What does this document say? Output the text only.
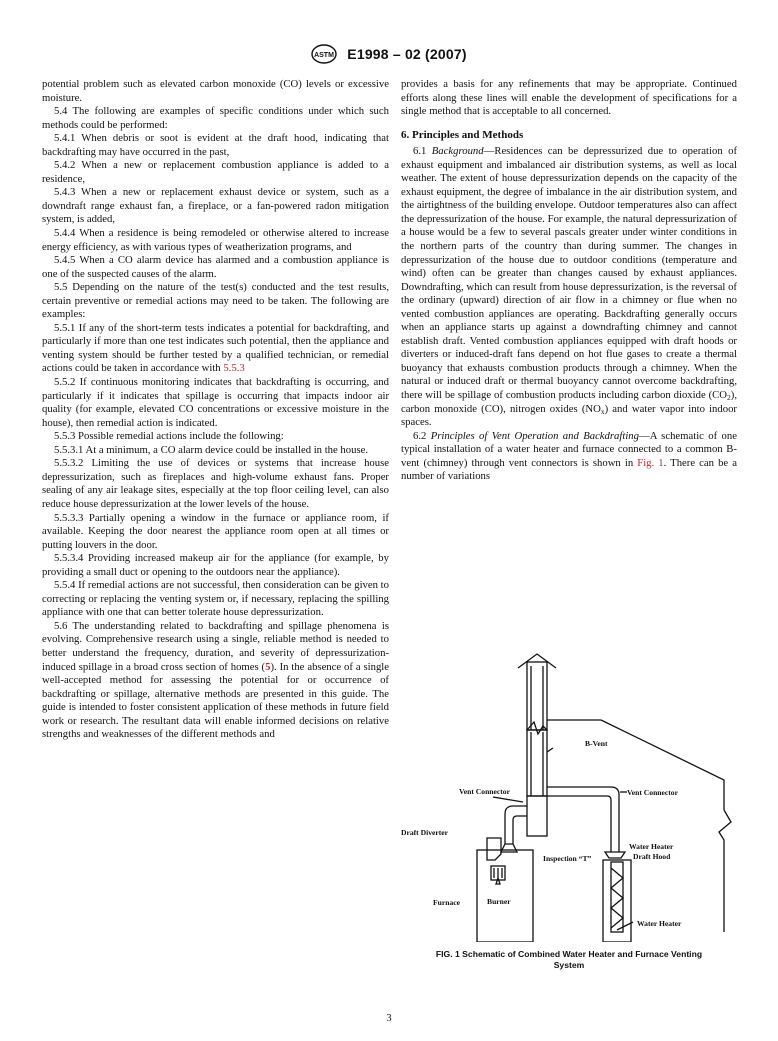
ASTM E1998 – 02 (2007)

potential problem such as elevated carbon monoxide (CO) levels or excessive moisture.

5.4 The following are examples of specific conditions under which such methods could be performed:

5.4.1 When debris or soot is evident at the draft hood, indicating that backdrafting may have occurred in the past,

5.4.2 When a new or replacement combustion appliance is added to a residence,

5.4.3 When a new or replacement exhaust device or system, such as a downdraft range exhaust fan, a fireplace, or a fan-powered radon mitigation system, is added,

5.4.4 When a residence is being remodeled or otherwise altered to increase energy efficiency, as with various types of weatherization programs, and

5.4.5 When a CO alarm device has alarmed and a combustion appliance is one of the suspected causes of the alarm.

5.5 Depending on the nature of the test(s) conducted and the test results, certain preventive or remedial actions may need to be taken. The following are examples:

5.5.1 If any of the short-term tests indicates a potential for backdrafting, and particularly if more than one test indicates such potential, then the appliance and venting system should be further tested by a qualified technician, or remedial actions could be taken in accordance with 5.5.3

5.5.2 If continuous monitoring indicates that backdrafting is occurring, and particularly if it indicates that spillage is occurring that impacts indoor air quality (for example, elevated CO concentrations or excessive moisture in the house), then remedial action is indicated.

5.5.3 Possible remedial actions include the following:

5.5.3.1 At a minimum, a CO alarm device could be installed in the house.

5.5.3.2 Limiting the use of devices or systems that increase house depressurization, such as fireplaces and high-volume exhaust fans. Proper sealing of any air leakage sites, especially at the top floor ceiling level, can also reduce house depressurization at the lower levels of the house.

5.5.3.3 Partially opening a window in the furnace or appliance room, if available. Keeping the door nearest the appliance room open at all times or putting louvers in the door.

5.5.3.4 Providing increased makeup air for the appliance (for example, by providing a small duct or opening to the outdoors near the appliance).

5.5.4 If remedial actions are not successful, then consideration can be given to correcting or replacing the venting system or, if necessary, replacing the spilling appliance with one that can better tolerate house depressurization.

5.6 The understanding related to backdrafting and spillage phenomena is evolving. Comprehensive research using a single, reliable method is needed to better understand the frequency, duration, and severity of depressurization-induced spillage in a broad cross section of homes (5). In the absence of a single well-accepted method for assessing the potential for or occurrence of backdrafting or spillage, alternative methods are presented in this guide. The guide is intended to foster consistent application of these methods in future field work or research. The resultant data will enable informed decisions on relative strengths and weaknesses of the different methods and

provides a basis for any refinements that may be appropriate. Continued efforts along these lines will enable the development of specifications for a single method that is acceptable to all concerned.

6. Principles and Methods

6.1 Background—Residences can be depressurized due to operation of exhaust equipment and imbalanced air distribution systems, as well as local weather. The extent of house depressurization depends on the capacity of the exhaust equipment, the degree of imbalance in the air distribution system, and the airtightness of the building envelope. Outdoor temperatures also can affect the depressurization of the house. For example, the natural depressurization of a house would be a few to several pascals greater under winter conditions in the northern parts of the country than during summer. The changes in depressurization of the house due to outdoor conditions (temperature and wind) often can be greater than changes caused by exhaust appliances. Downdrafting, which can result from house depressurization, is the reversal of the ordinary (upward) direction of air flow in a chimney or flue when no vented combustion appliances are operating. Backdrafting generally occurs when an appliance starts up against a downdrafting chimney and cannot establish draft. Vented combustion appliances equipped with draft hoods or diverters or induced-draft fans depend on hot flue gases to create a thermal buoyancy that exhausts combustion products through a chimney. When the natural or induced draft or thermal buoyancy cannot overcome backdrafting, there will be spillage of combustion products including carbon dioxide $(CO_2)$, carbon monoxide (CO), nitrogen oxides $(NO_x)$ and water vapor into indoor spaces.

6.2 Principles of Vent Operation and Backdrafting—A schematic of one typical installation of a water heater and furnace connected to a common B-vent (chimney) through vent connectors is shown in Fig. 1. There can be a number of variations

B-Vent
Vent Connector	Vent Connector
Draft Diverter
Water Heater
Draft Hood
Inspection “T”
Burner
Furnace
Water Heater
FIG. 1 Schematic of Combined Water Heater and Furnace Venting
System
3
